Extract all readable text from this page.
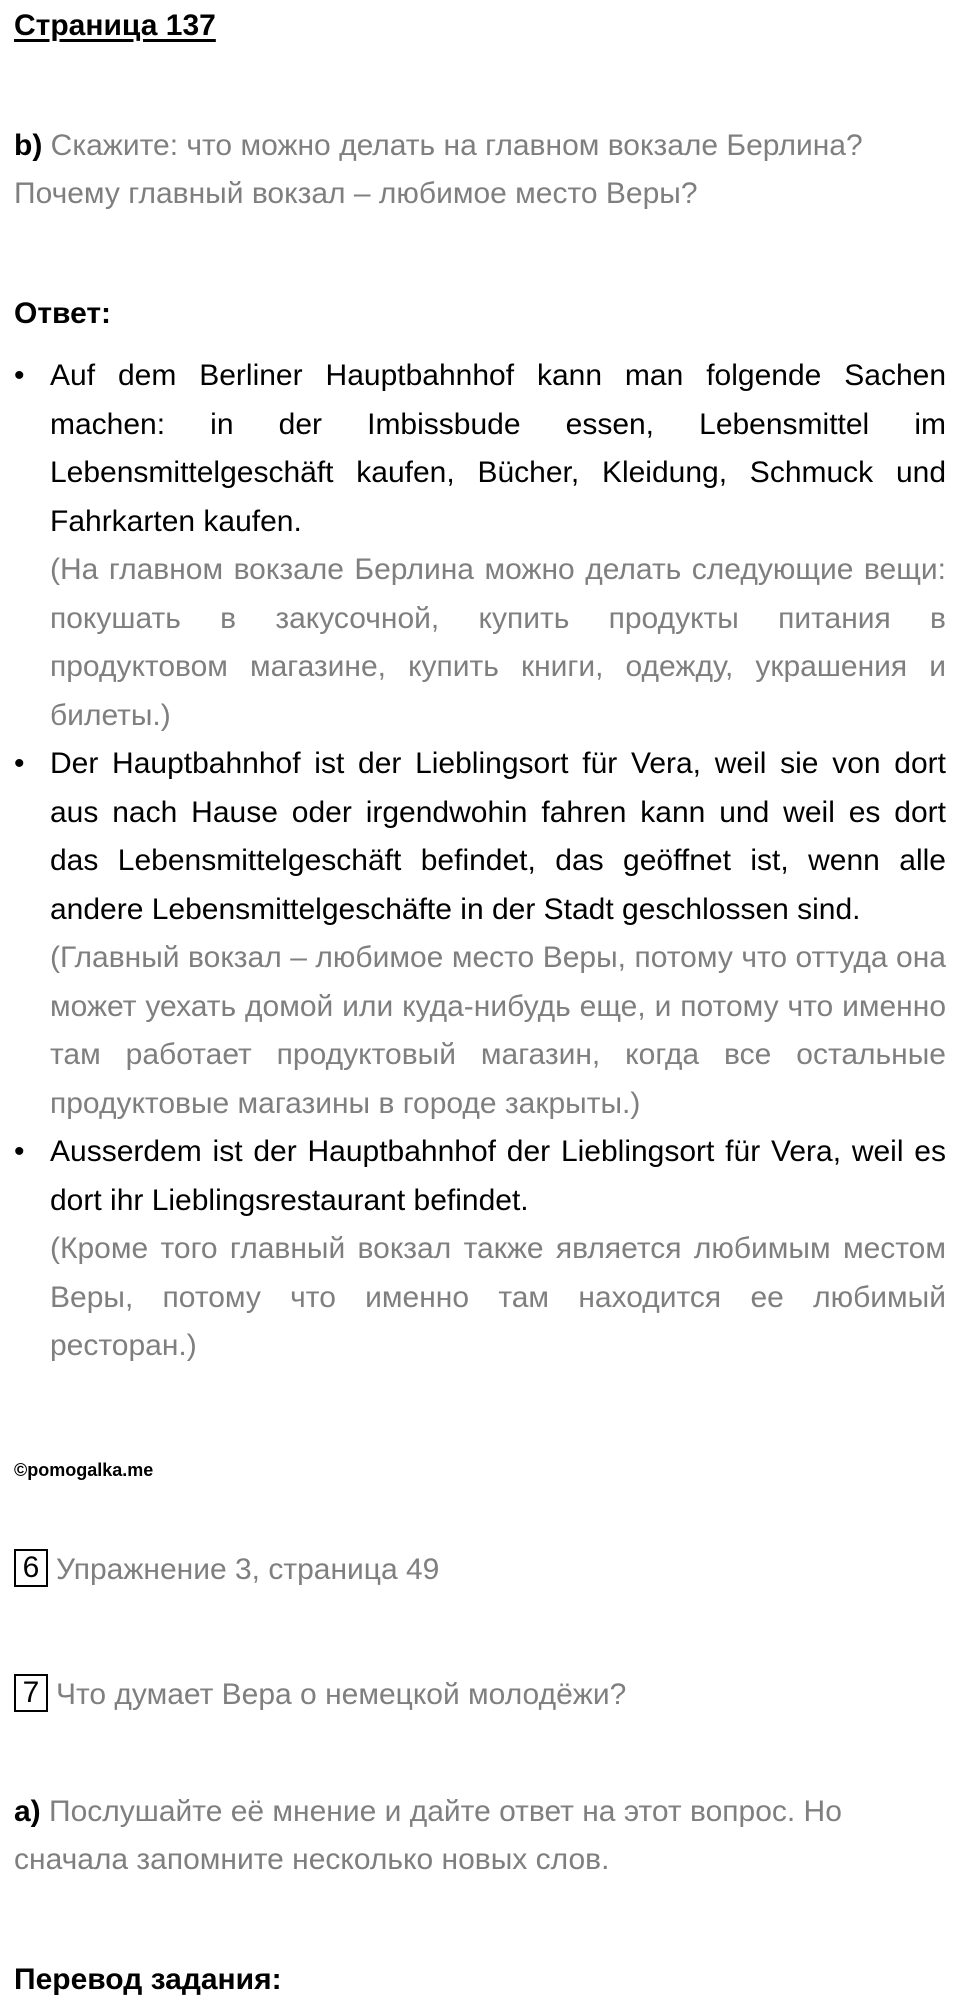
Страница 137
b) Скажите: что можно делать на главном вокзале Берлина? Почему главный вокзал – любимое место Веры?
Ответ:
• Auf dem Berliner Hauptbahnhof kann man folgende Sachen machen: in der Imbissbude essen, Lebensmittel im Lebensmittelgeschäft kaufen, Bücher, Kleidung, Schmuck und Fahrkarten kaufen.
(На главном вокзале Берлина можно делать следующие вещи: покушать в закусочной, купить продукты питания в продуктовом магазине, купить книги, одежду, украшения и билеты.)
• Der Hauptbahnhof ist der Lieblingsort für Vera, weil sie von dort aus nach Hause oder irgendwohin fahren kann und weil es dort das Lebensmittelgeschäft befindet, das geöffnet ist, wenn alle andere Lebensmittelgeschäfte in der Stadt geschlossen sind.
(Главный вокзал – любимое место Веры, потому что оттуда она может уехать домой или куда-нибудь еще, и потому что именно там работает продуктовый магазин, когда все остальные продуктовые магазины в городе закрыты.)
• Ausserdem ist der Hauptbahnhof der Lieblingsort für Vera, weil es dort ihr Lieblingsrestaurant befindet.
(Кроме того главный вокзал также является любимым местом Веры, потому что именно там находится ее любимый ресторан.)
©pomogalka.me
6 Упражнение 3, страница 49
7 Что думает Вера о немецкой молодёжи?
a) Послушайте её мнение и дайте ответ на этот вопрос. Но сначала запомните несколько новых слов.
Перевод задания:
